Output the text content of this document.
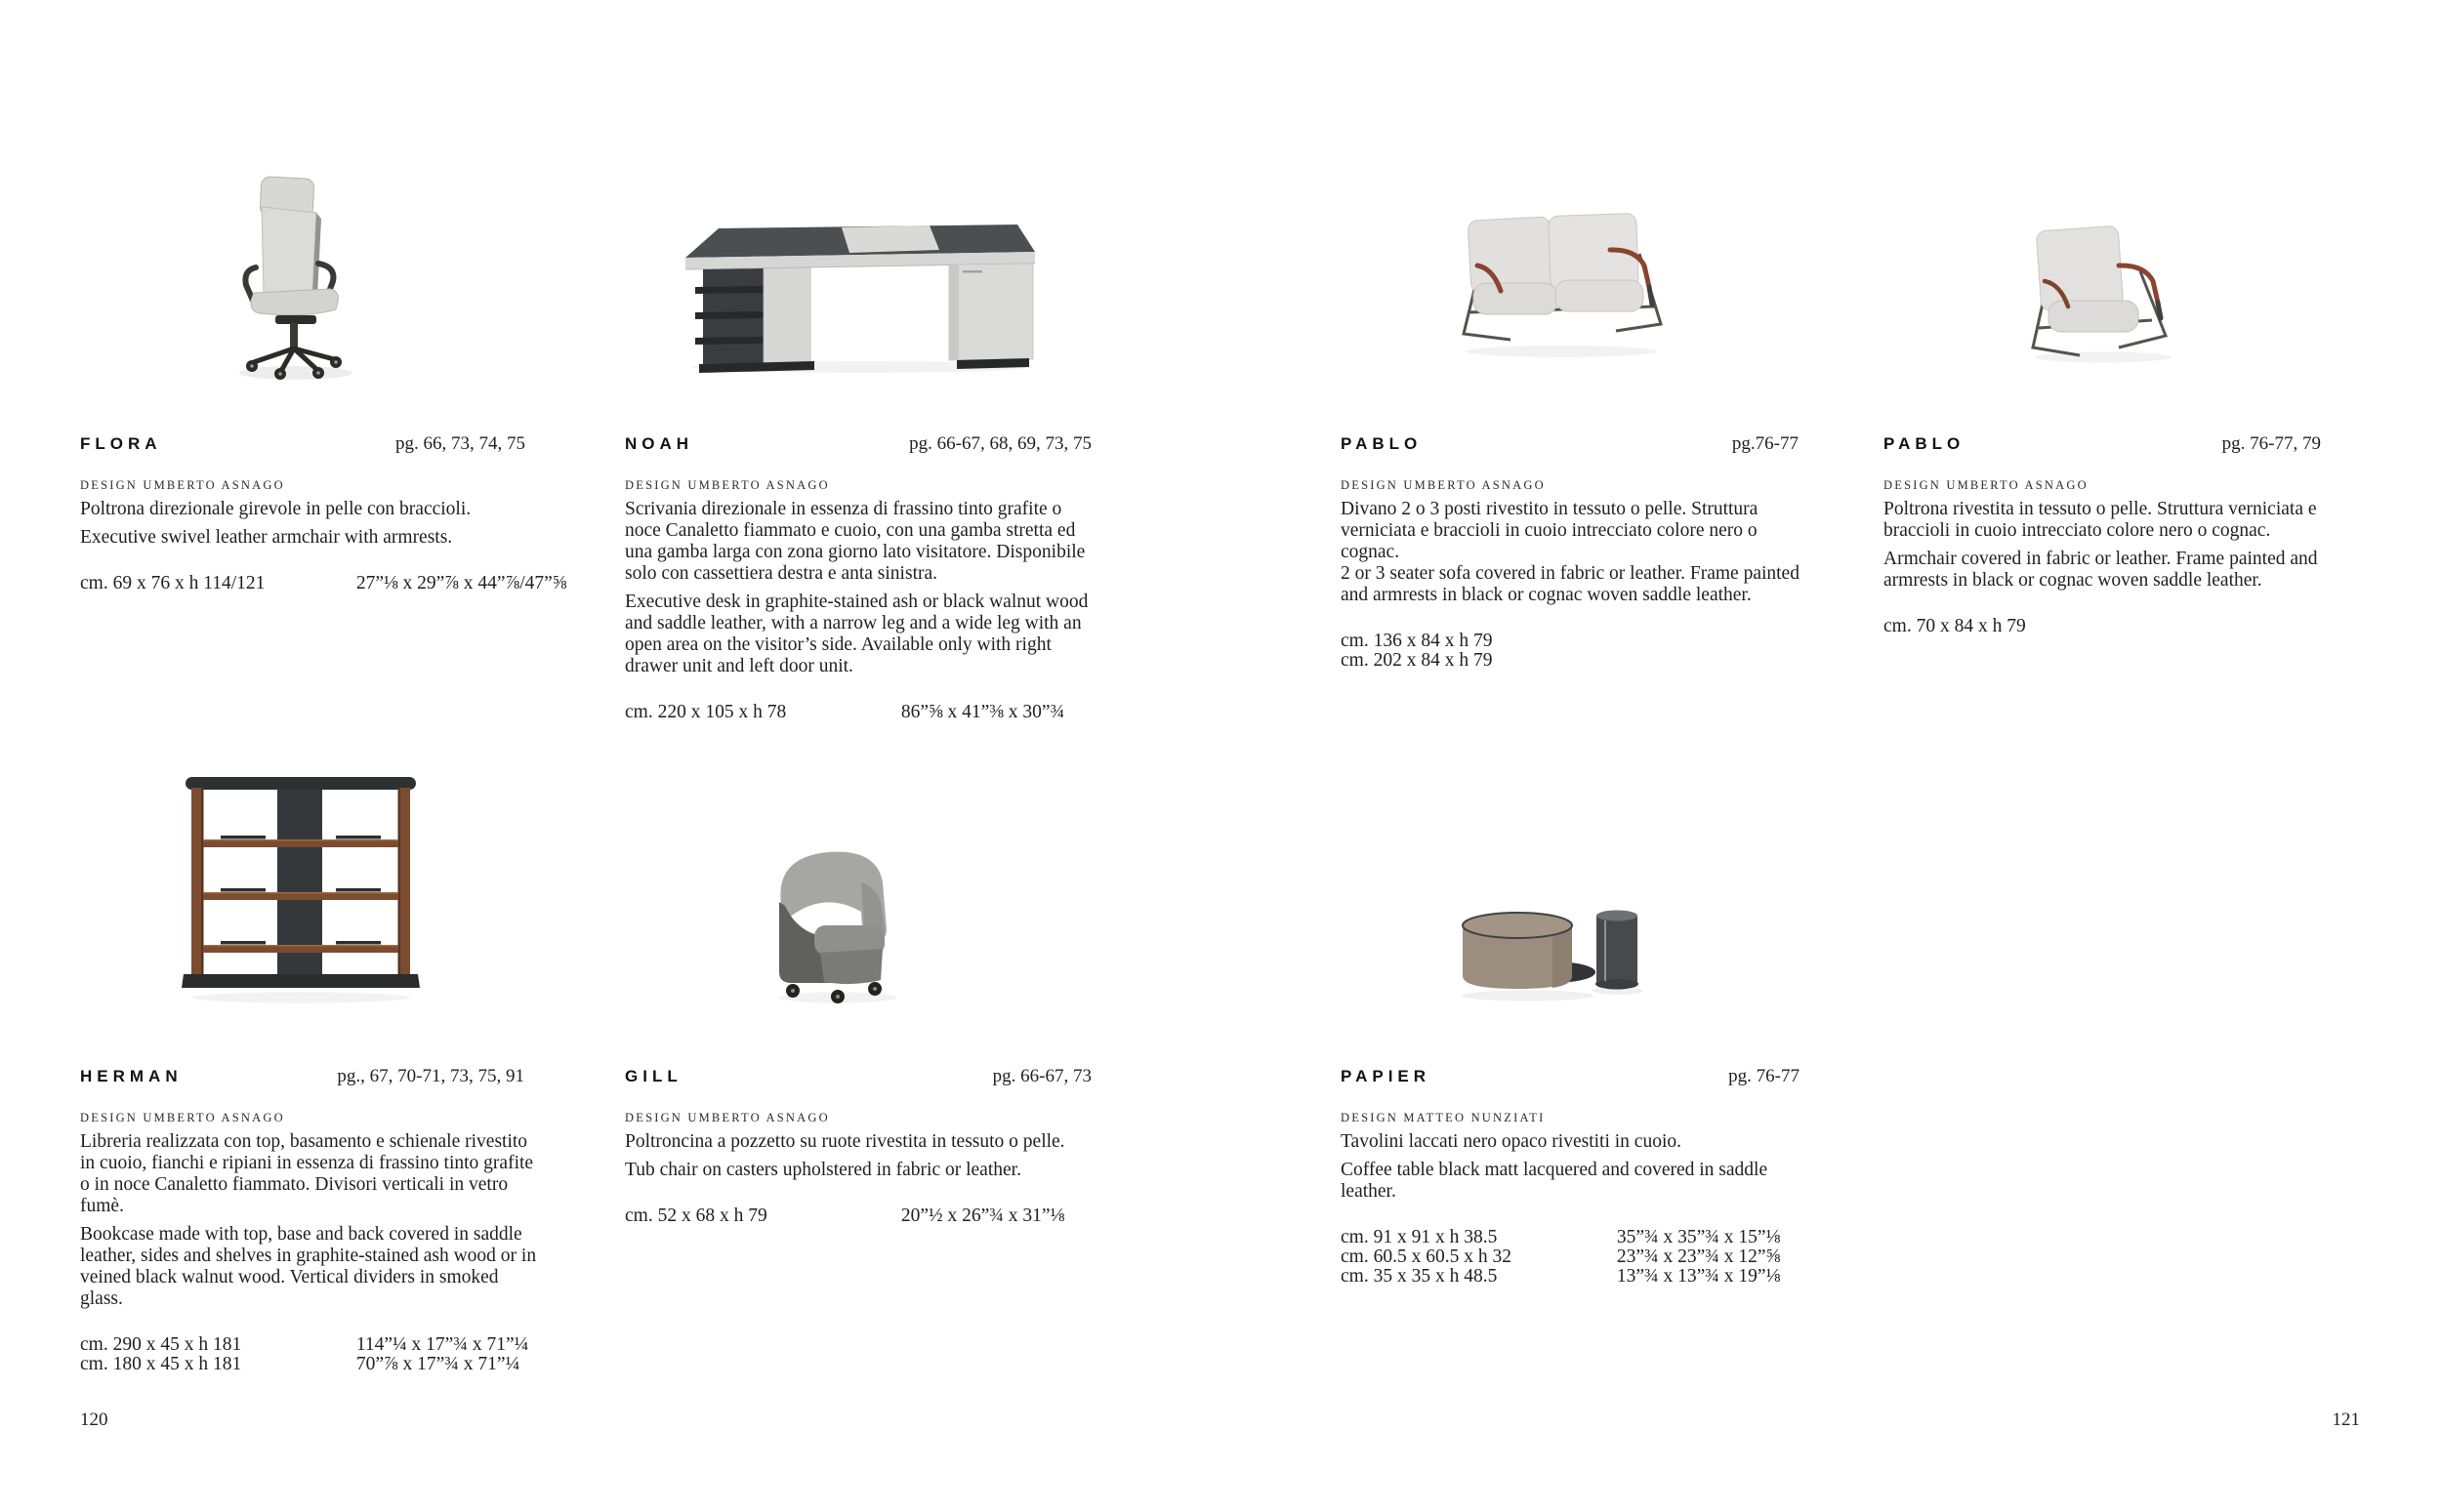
FLORA	pg. 66, 73, 74, 75
DESIGN UMBERTO ASNAGO

Poltrona direzionale girevole in pelle con braccioli.

Executive swivel leather armchair with armrests.

cm. 69 x 76 x h 114/121	27”⅛ x 29”⅞ x 44”⅞/47”⅝
NOAH	pg. 66-67, 68, 69, 73, 75
DESIGN UMBERTO ASNAGO

Scrivania direzionale in essenza di frassino tinto grafite o noce Canaletto fiammato e cuoio, con una gamba stretta ed una gamba larga con zona giorno lato visitatore. Disponibile solo con cassettiera destra e anta sinistra.

Executive desk in graphite-stained ash or black walnut wood and saddle leather, with a narrow leg and a wide leg with an open area on the visitor’s side. Available only with right drawer unit and left door unit.

cm. 220 x 105 x h 78	86”⅝ x 41”⅜ x 30”¾
PABLO	pg.76-77
DESIGN UMBERTO ASNAGO

Divano 2 o 3 posti rivestito in tessuto o pelle. Struttura verniciata e braccioli in cuoio intrecciato colore nero o cognac.

2 or 3 seater sofa covered in fabric or leather. Frame painted and armrests in black or cognac woven saddle leather.

cm. 136 x 84 x h 79
cm. 202 x 84 x h 79
PABLO	pg. 76-77, 79
DESIGN UMBERTO ASNAGO

Poltrona rivestita in tessuto o pelle. Struttura verniciata e braccioli in cuoio intrecciato colore nero o cognac.

Armchair covered in fabric or leather. Frame painted and armrests in black or cognac woven saddle leather.

cm. 70 x 84 x h 79
HERMAN	pg., 67, 70-71, 73, 75, 91
DESIGN UMBERTO ASNAGO

Libreria realizzata con top, basamento e schienale rivestito in cuoio, fianchi e ripiani in essenza di frassino tinto grafite o in noce Canaletto fiammato. Divisori verticali in vetro fumè.

Bookcase made with top, base and back covered in saddle leather, sides and shelves in graphite-stained ash wood or in veined black walnut wood. Vertical dividers in smoked glass.

cm. 290 x 45 x h 181	114”¼ x 17”¾ x 71”¼
cm. 180 x 45 x h 181	70”⅞ x 17”¾ x 71”¼
GILL	pg. 66-67, 73
DESIGN UMBERTO ASNAGO

Poltroncina a pozzetto su ruote rivestita in tessuto o pelle.

Tub chair on casters upholstered in fabric or leather.

cm. 52 x 68 x h 79	20”½ x 26”¾ x 31”⅛
PAPIER	pg. 76-77
DESIGN MATTEO NUNZIATI

Tavolini laccati nero opaco rivestiti in cuoio.

Coffee table black matt lacquered and covered in saddle leather.

cm. 91 x 91 x h 38.5	35”¾ x 35”¾ x 15”⅛
cm. 60.5 x 60.5 x h 32	23”¾ x 23”¾ x 12”⅝
cm. 35 x 35 x h 48.5	13”¾ x 13”¾ x 19”⅛
120	121
